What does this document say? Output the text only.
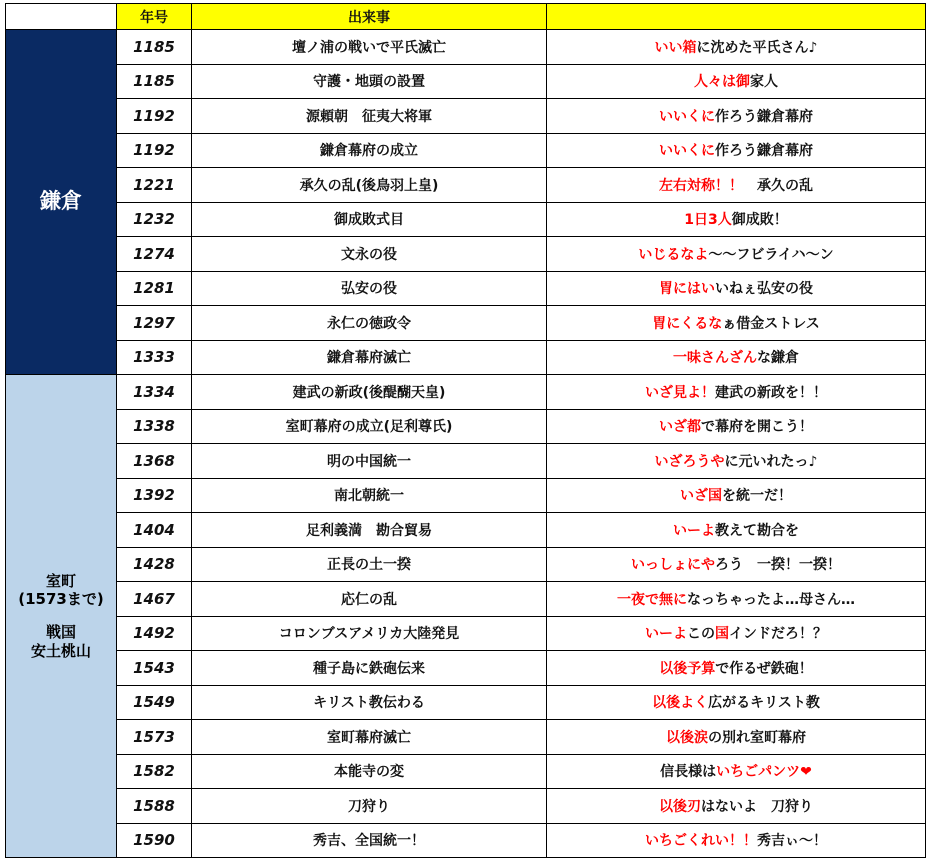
	年号	出来事	

鎌倉	1185	壇ノ浦の戦いで平氏滅亡	いい箱に沈めた平氏さん♪
	1185	守護・地頭の設置	人々は御家人
	1192	源頼朝　征夷大将軍	いいくに作ろう鎌倉幕府
	1192	鎌倉幕府の成立	いいくに作ろう鎌倉幕府
	1221	承久の乱(後鳥羽上皇)	左右対称！！　承久の乱
	1232	御成敗式目	1日3人御成敗！
	1274	文永の役	いじるなよ～～フビライハ～ン
	1281	弘安の役	胃にはいいねぇ弘安の役
	1297	永仁の徳政令	胃にくるなぁ借金ストレス
	1333	鎌倉幕府滅亡	一味さんざんな鎌倉

室町
(1573まで)
戦国
安土桃山	1334	建武の新政(後醍醐天皇)	いざ見よ！建武の新政を！！
	1338	室町幕府の成立(足利尊氏)	いざ都で幕府を開こう！
	1368	明の中国統一	いざろうやに元いれたっ♪
	1392	南北朝統一	いざ国を統一だ！
	1404	足利義満　勘合貿易	いーよ教えて勘合を
	1428	正長の土一揆	いっしょにやろう　一揆！一揆！
	1467	応仁の乱	一夜で無になっちゃったよ…母さん…
	1492	コロンブスアメリカ大陸発見	いーよこの国インドだろ！？
	1543	種子島に鉄砲伝来	以後予算で作るぜ鉄砲！
	1549	キリスト教伝わる	以後よく広がるキリスト教
	1573	室町幕府滅亡	以後涙の別れ室町幕府
	1582	本能寺の変	信長様はいちごパンツ❤
	1588	刀狩り	以後刃はないよ　刀狩り
	1590	秀吉、全国統一！	いちごくれい！！秀吉ぃ～！
